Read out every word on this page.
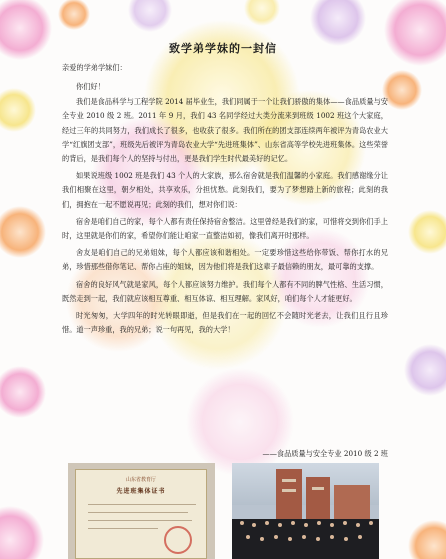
致学弟学妹的一封信
亲爱的学弟学妹们：

你们好！

我们是食品科学与工程学院 2014 届毕业生，我们同属于一个让我们骄傲的集体——食品质量与安全专业 2010 级 2 班。2011 年 9 月，我们 43 名同学经过大类分流来到班级 1002 班这个大家庭，经过三年的共同努力，我们成长了很多，也收获了很多。我们所在的团支部连续两年被评为青岛农业大学“红旗团支部”，班级先后被评为青岛农业大学“先进班集体”、山东省高等学校先进班集体。这些荣誉的背后，是我们每个人的坚持与付出，更是我们学生时代最美好的记忆。

如果说班级 1002 班是我们 43 个人的大家族，那么宿舍就是我们温馨的小家庭。我们感谢缘分让我们相聚在这里，朝夕相处，共享欢乐，分担忧愁。此刻我们，要为了梦想踏上新的旅程；此刻的我们，拥抱在一起不愿说再见；此刻的我们，想对你们说：

宿舍是咱们自己的家，每个人都有责任保持宿舍整洁。这里曾经是我们的家，可惜将交到你们手上时，这里就是你们的家，希望你们能让咱家一直整洁如初，像我们离开时那样。

舍友是咱们自己的兄弟姐妹，每个人都应该和谐相处。一定要珍惜这些给你带饭、帮你打水的兄弟，珍惜那些借你笔记、帮你占座的姐妹，因为他们将是我们这辈子最信赖的朋友，最可靠的支撑。

宿舍的良好风气就是家风，每个人都应该努力维护。我们每个人都有不同的脾气性格、生活习惯，既然走到一起，我们就应该相互尊重、相互体谅、相互理解。家风好，咱们每个人才能更好。

时光匆匆，大学四年的时光转眼即逝，但是我们在一起的回忆不会随时光老去，让我们且行且珍惜。道一声珍重，我的兄弟；说一句再见，我的大学！

——食品质量与安全专业 2010 级 2 班
山东省教育厅
先进班集体证书
